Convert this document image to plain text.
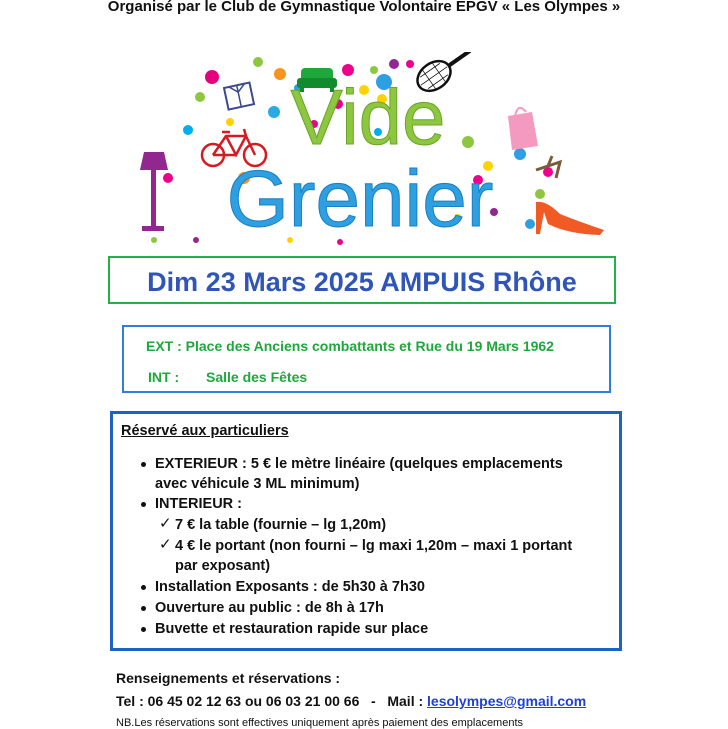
Organisé par le Club de Gymnastique Volontaire EPGV « Les Olympes »
Vide
Grenier
Dim 23 Mars 2025 AMPUIS Rhône
EXT : Place des Anciens combattants et Rue du 19 Mars 1962
INT : Salle des Fêtes
Réservé aux particuliers
EXTERIEUR : 5 € le mètre linéaire (quelques emplacements
avec véhicule 3 ML minimum)
INTERIEUR :
✓ 7 € la table (fournie – lg 1,20m)
✓ 4 € le portant (non fourni – lg maxi 1,20m – maxi 1 portant
par exposant)
Installation Exposants : de 5h30 à 7h30
Ouverture au public : de 8h à 17h
Buvette et restauration rapide sur place
Renseignements et réservations :
Tel : 06 45 02 12 63 ou 06 03 21 00 66   -   Mail : lesolympes@gmail.com
NB.Les réservations sont effectives uniquement après paiement des emplacements
